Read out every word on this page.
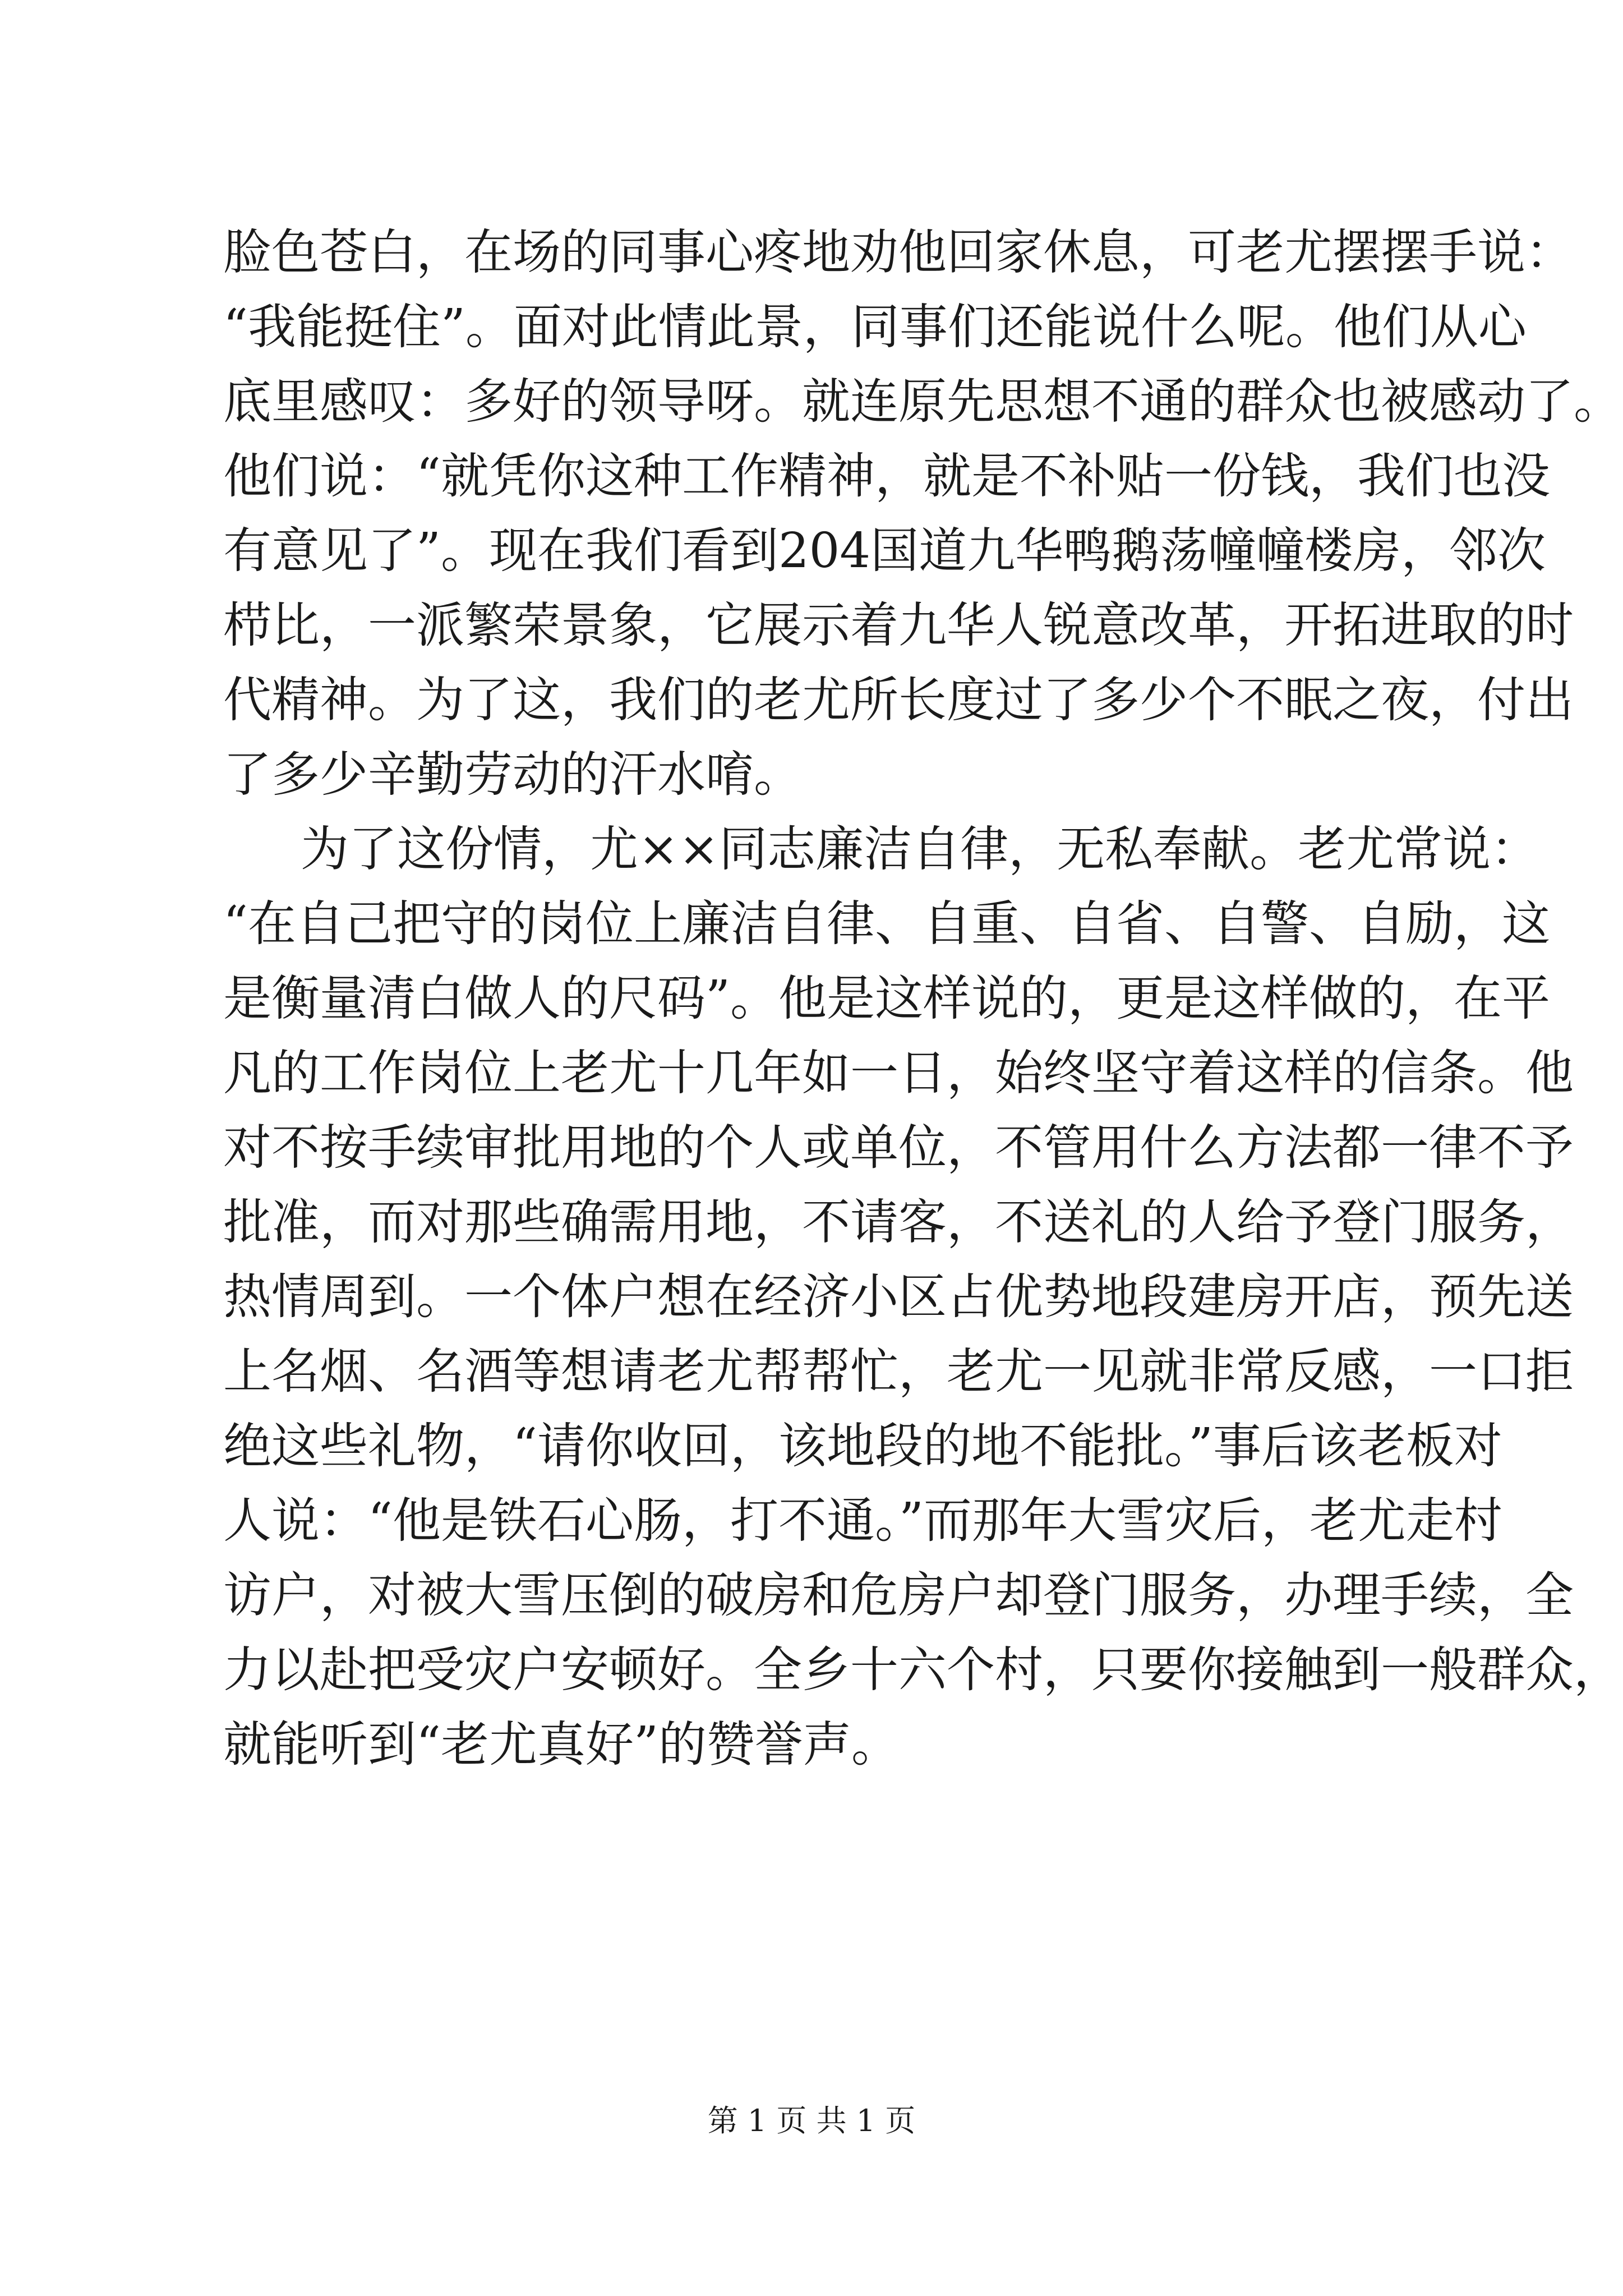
脸色苍白，在场的同事心疼地劝他回家休息，可老尤摆摆手说：
“我能挺住”。面对此情此景，同事们还能说什么呢。他们从心
底里感叹：多好的领导呀。就连原先思想不通的群众也被感动了。
他们说：“就凭你这种工作精神，就是不补贴一份钱，我们也没
有意见了”。现在我们看到204国道九华鸭鹅荡幢幢楼房，邻次
栉比，一派繁荣景象，它展示着九华人锐意改革，开拓进取的时
代精神。为了这，我们的老尤所长度过了多少个不眠之夜，付出
了多少辛勤劳动的汗水唷。
为了这份情，尤××同志廉洁自律，无私奉献。老尤常说：
“在自己把守的岗位上廉洁自律、自重、自省、自警、自励，这
是衡量清白做人的尺码”。他是这样说的，更是这样做的，在平
凡的工作岗位上老尤十几年如一日，始终坚守着这样的信条。他
对不按手续审批用地的个人或单位，不管用什么方法都一律不予
批准，而对那些确需用地，不请客，不送礼的人给予登门服务，
热情周到。一个体户想在经济小区占优势地段建房开店，预先送
上名烟、名酒等想请老尤帮帮忙，老尤一见就非常反感，一口拒
绝这些礼物，“请你收回，该地段的地不能批。”事后该老板对
人说：“他是铁石心肠，打不通。”而那年大雪灾后，老尤走村
访户，对被大雪压倒的破房和危房户却登门服务，办理手续，全
力以赴把受灾户安顿好。全乡十六个村，只要你接触到一般群众，
就能听到“老尤真好”的赞誉声。
第 1 页 共 1 页
